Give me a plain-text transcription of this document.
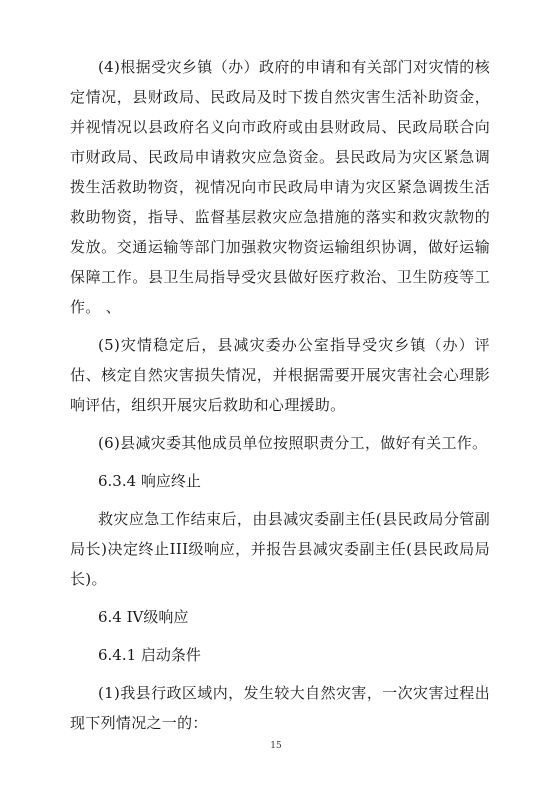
(4)根据受灾乡镇（办）政府的申请和有关部门对灾情的核定情况，县财政局、民政局及时下拨自然灾害生活补助资金，并视情况以县政府名义向市政府或由县财政局、民政局联合向市财政局、民政局申请救灾应急资金。县民政局为灾区紧急调拨生活救助物资，视情况向市民政局申请为灾区紧急调拨生活救助物资，指导、监督基层救灾应急措施的落实和救灾款物的发放。交通运输等部门加强救灾物资运输组织协调，做好运输保障工作。县卫生局指导受灾县做好医疗救治、卫生防疫等工作。 、

(5)灾情稳定后，县减灾委办公室指导受灾乡镇（办）评估、核定自然灾害损失情况，并根据需要开展灾害社会心理影响评估，组织开展灾后救助和心理援助。

(6)县减灾委其他成员单位按照职责分工，做好有关工作。

6.3.4 响应终止

救灾应急工作结束后，由县减灾委副主任(县民政局分管副局长)决定终止III级响应，并报告县减灾委副主任(县民政局局长)。

6.4 IV级响应

6.4.1 启动条件

(1)我县行政区域内，发生较大自然灾害，一次灾害过程出现下列情况之一的：

15
